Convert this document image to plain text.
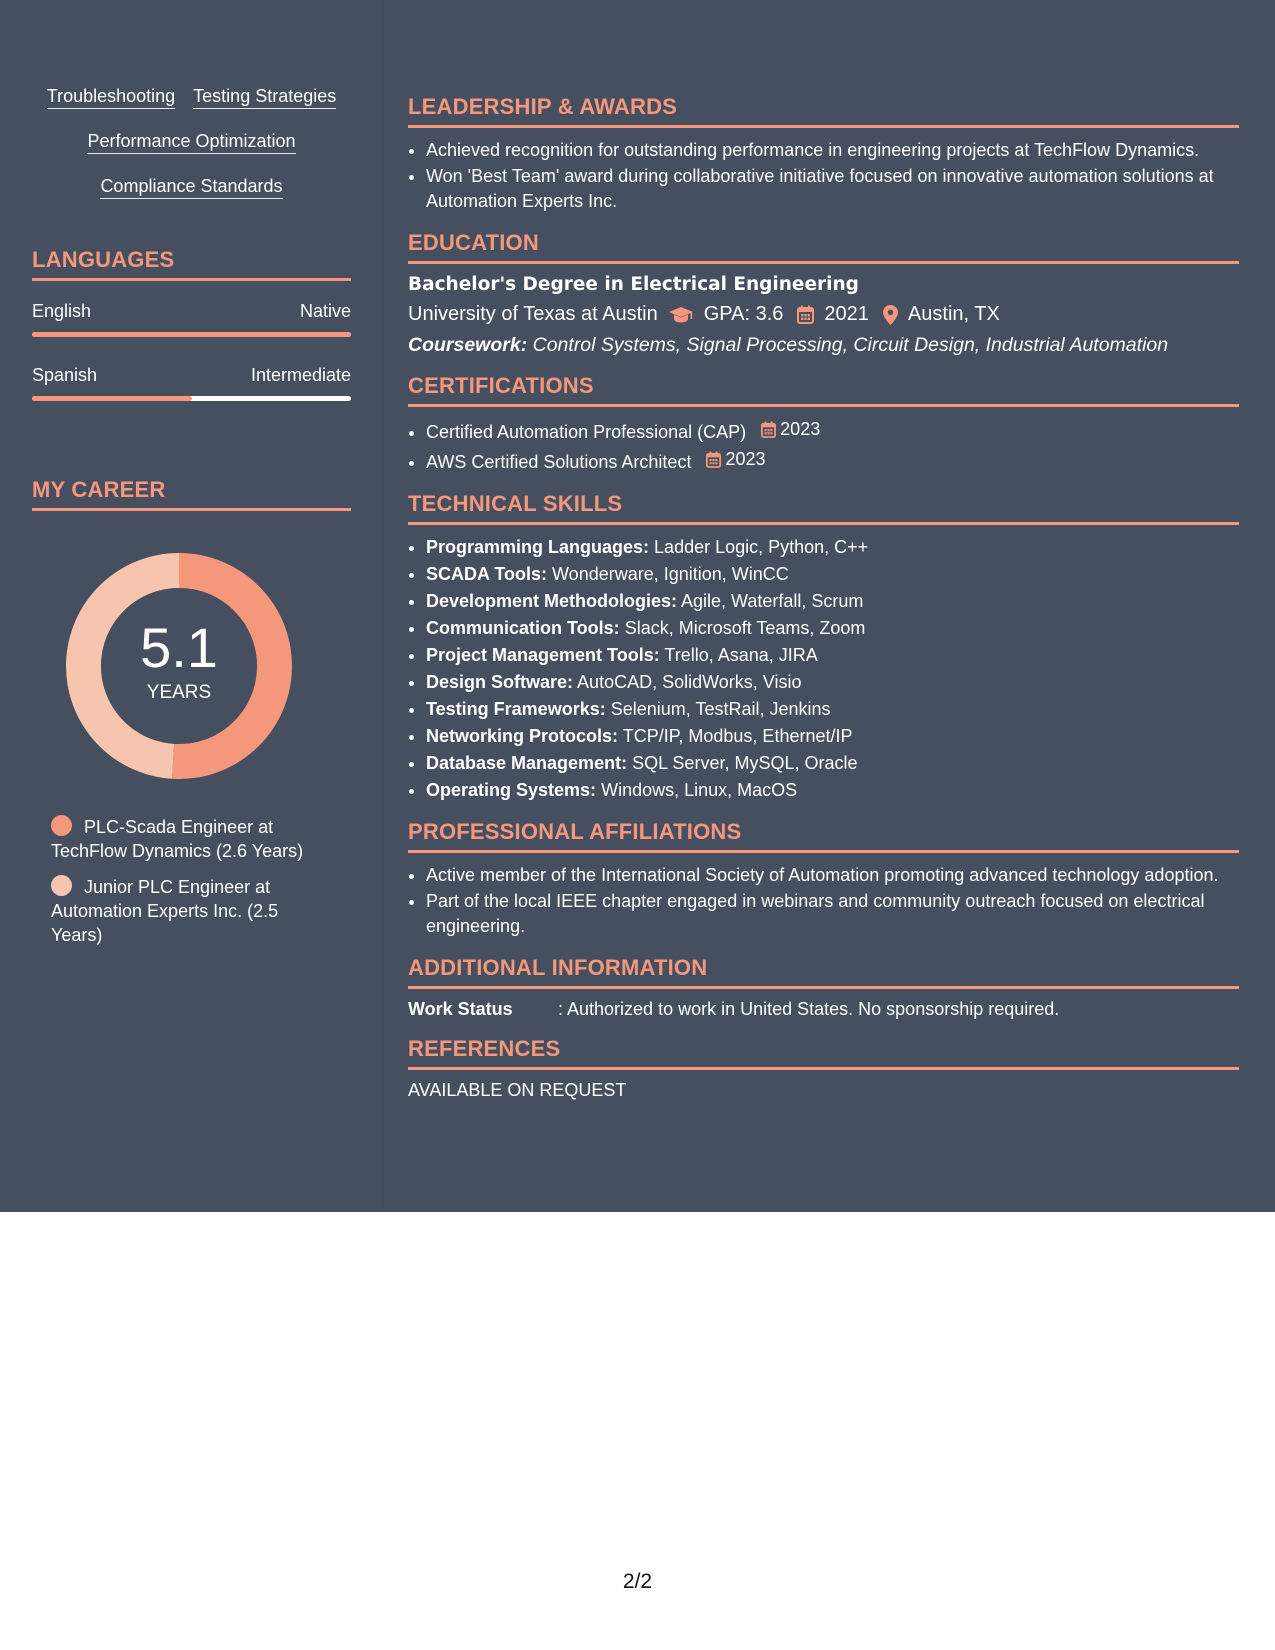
Troubleshooting Testing Strategies
Performance Optimization
Compliance Standards
LANGUAGES
English	Native
Spanish	Intermediate
MY CAREER
5.1
YEARS
PLC-Scada Engineer at TechFlow Dynamics (2.6 Years)
Junior PLC Engineer at Automation Experts Inc. (2.5 Years)
LEADERSHIP & AWARDS
• Achieved recognition for outstanding performance in engineering projects at TechFlow Dynamics.
• Won 'Best Team' award during collaborative initiative focused on innovative automation solutions at Automation Experts Inc.
EDUCATION
Bachelor's Degree in Electrical Engineering
University of Texas at Austin GPA: 3.6 2021 Austin, TX
Coursework: Control Systems, Signal Processing, Circuit Design, Industrial Automation
CERTIFICATIONS
• Certified Automation Professional (CAP) 2023
• AWS Certified Solutions Architect 2023
TECHNICAL SKILLS
• Programming Languages: Ladder Logic, Python, C++
• SCADA Tools: Wonderware, Ignition, WinCC
• Development Methodologies: Agile, Waterfall, Scrum
• Communication Tools: Slack, Microsoft Teams, Zoom
• Project Management Tools: Trello, Asana, JIRA
• Design Software: AutoCAD, SolidWorks, Visio
• Testing Frameworks: Selenium, TestRail, Jenkins
• Networking Protocols: TCP/IP, Modbus, Ethernet/IP
• Database Management: SQL Server, MySQL, Oracle
• Operating Systems: Windows, Linux, MacOS
PROFESSIONAL AFFILIATIONS
• Active member of the International Society of Automation promoting advanced technology adoption.
• Part of the local IEEE chapter engaged in webinars and community outreach focused on electrical engineering.
ADDITIONAL INFORMATION
Work Status	: Authorized to work in United States. No sponsorship required.
REFERENCES
AVAILABLE ON REQUEST
2/2
